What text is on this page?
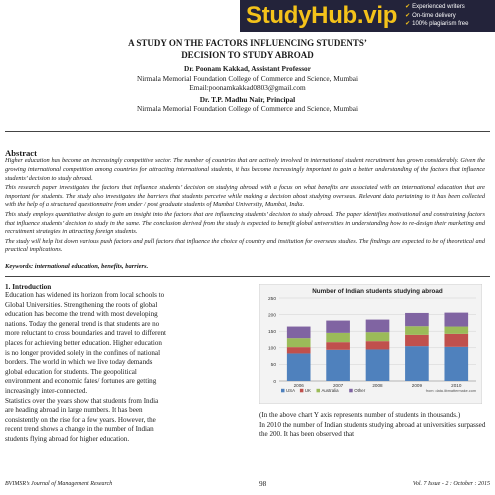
StudyHub.vip ✔ Experienced writers
✔ On-time delivery
✔ 100% plagiarism free
A STUDY ON THE FACTORS INFLUENCING STUDENTS’
DECISION TO STUDY ABROAD
Dr. Poonam Kakkad, Assistant Professor
Nirmala Memorial Foundation College of Commerce and Science, Mumbai
Email:poonamkakkad0803@gmail.com
Dr. T.P. Madhu Nair, Principal
Nirmala Memorial Foundation College of Commerce and Science, Mumbai
Abstract

Higher education has become an increasingly competitive sector. The number of countries that are actively involved in international student recruitment has grown considerably. Given the growing international competition among countries for attracting international students, it has become increasingly important to gain a better understanding of the factors that influence students’ decision to study abroad.

This research paper investigates the factors that influence students’ decision on studying abroad with a focus on what benefits are associated with an international education that are important for students. The study also investigates the barriers that students perceive while making a decision about studying overseas. Relevant data pertaining to it has been collected with the help of a structured questionnaire from under / post graduate students of Mumbai University, Mumbai, India.

This study employs quantitative design to gain an insight into the factors that are influencing students’ decision to study abroad. The paper identifies motivational and constraining factors that influence students’ decision to study in the same. The conclusion derived from the study is expected to benefit global universities in understanding how to re-design their marketing and recruitment strategies in attracting foreign students.

The study will help list down various push factors and pull factors that influence the choice of country and institution for overseas studies. The findings are expected to be of theoretical and practical implications.

Keywords: international education, benefits, barriers.
1. Introduction

Education has widened its horizon from local schools to

Global Universities. Strengthening the roots of global

education has become the trend with most developing

nations. Today the general trend is that students are no

more reluctant to cross boundaries and travel to different

places for achieving better education. Higher education

is no longer provided solely in the confines of national

borders. The world in which we live today demands

global education for students. The geopolitical

environment and economic fates/ fortunes are getting

increasingly inter-connected.

Statistics over the years show that students from India

are heading abroad in large numbers. It has been

consistently on the rise for a few years. However, the

recent trend shows a change in the number of Indian

students flying abroad for higher education.

Number of Indian students studying abroad
0
50
100
150
200
250
2006	2007	2008	2009	2010
USA UK Australia	Other	from: data.iibmattermake.com

(In the above chart Y axis represents number of students in thousands.)

In 2010 the number of Indian students studying abroad at universities surpassed the 200. It has been observed that

BVIMSR’s Journal of Management Research	98	Vol. 7 Issue - 2 : October : 2015
